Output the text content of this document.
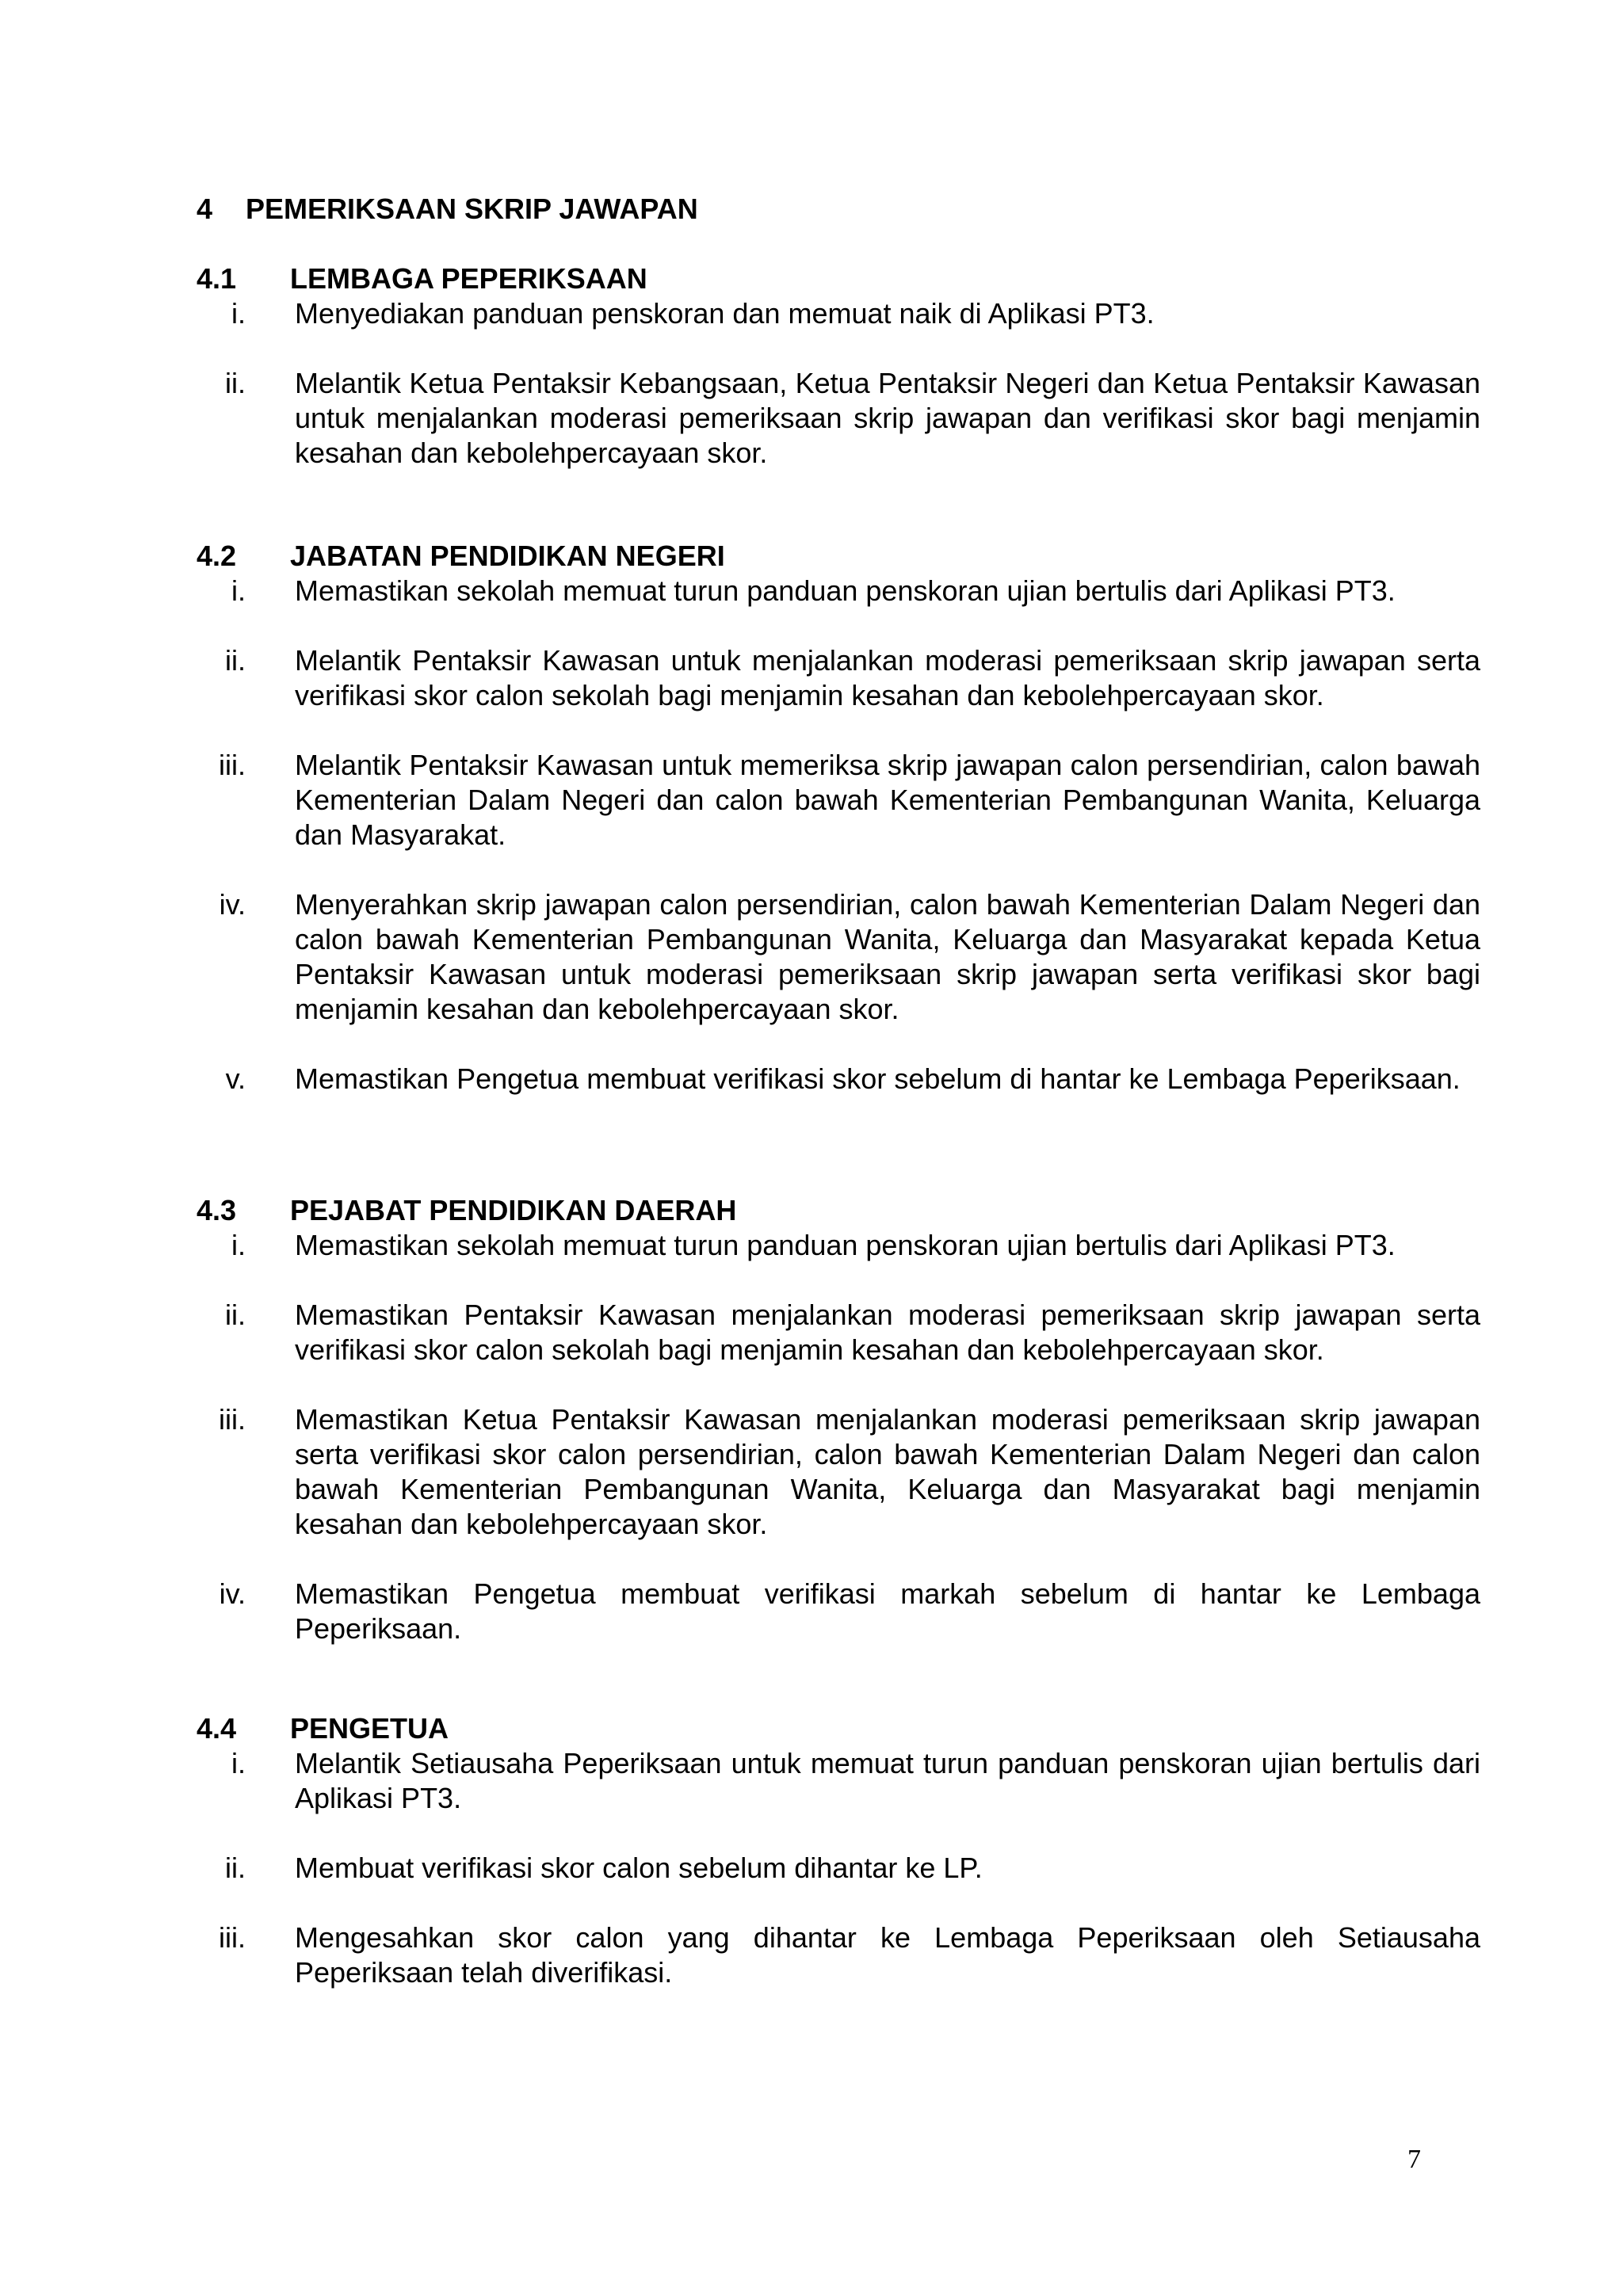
4 PEMERIKSAAN SKRIP JAWAPAN
4.1 LEMBAGA PEPERIKSAAN
i. Menyediakan panduan penskoran dan memuat naik di Aplikasi PT3.
ii. Melantik Ketua Pentaksir Kebangsaan, Ketua Pentaksir Negeri dan Ketua Pentaksir Kawasan untuk menjalankan moderasi pemeriksaan skrip jawapan dan verifikasi skor bagi menjamin kesahan dan kebolehpercayaan skor.
4.2 JABATAN PENDIDIKAN NEGERI
i. Memastikan sekolah memuat turun panduan penskoran ujian bertulis dari Aplikasi PT3.
ii. Melantik Pentaksir Kawasan untuk menjalankan moderasi pemeriksaan skrip jawapan serta verifikasi skor calon sekolah bagi menjamin kesahan dan kebolehpercayaan skor.
iii. Melantik Pentaksir Kawasan untuk memeriksa skrip jawapan calon persendirian, calon bawah Kementerian Dalam Negeri dan calon bawah Kementerian Pembangunan Wanita, Keluarga dan Masyarakat.
iv. Menyerahkan skrip jawapan calon persendirian, calon bawah Kementerian Dalam Negeri dan calon bawah Kementerian Pembangunan Wanita, Keluarga dan Masyarakat kepada Ketua Pentaksir Kawasan untuk moderasi pemeriksaan skrip jawapan serta verifikasi skor bagi menjamin kesahan dan kebolehpercayaan skor.
v. Memastikan Pengetua membuat verifikasi skor sebelum di hantar ke Lembaga Peperiksaan.
4.3 PEJABAT PENDIDIKAN DAERAH
i. Memastikan sekolah memuat turun panduan penskoran ujian bertulis dari Aplikasi PT3.
ii. Memastikan Pentaksir Kawasan menjalankan moderasi pemeriksaan skrip jawapan serta verifikasi skor calon sekolah bagi menjamin kesahan dan kebolehpercayaan skor.
iii. Memastikan Ketua Pentaksir Kawasan menjalankan moderasi pemeriksaan skrip jawapan serta verifikasi skor calon persendirian, calon bawah Kementerian Dalam Negeri dan calon bawah Kementerian Pembangunan Wanita, Keluarga dan Masyarakat bagi menjamin kesahan dan kebolehpercayaan skor.
iv. Memastikan Pengetua membuat verifikasi markah sebelum di hantar ke Lembaga Peperiksaan.
4.4 PENGETUA
i. Melantik Setiausaha Peperiksaan untuk memuat turun panduan penskoran ujian bertulis dari Aplikasi PT3.
ii. Membuat verifikasi skor calon sebelum dihantar ke LP.
iii. Mengesahkan skor calon yang dihantar ke Lembaga Peperiksaan oleh Setiausaha Peperiksaan telah diverifikasi.
7
